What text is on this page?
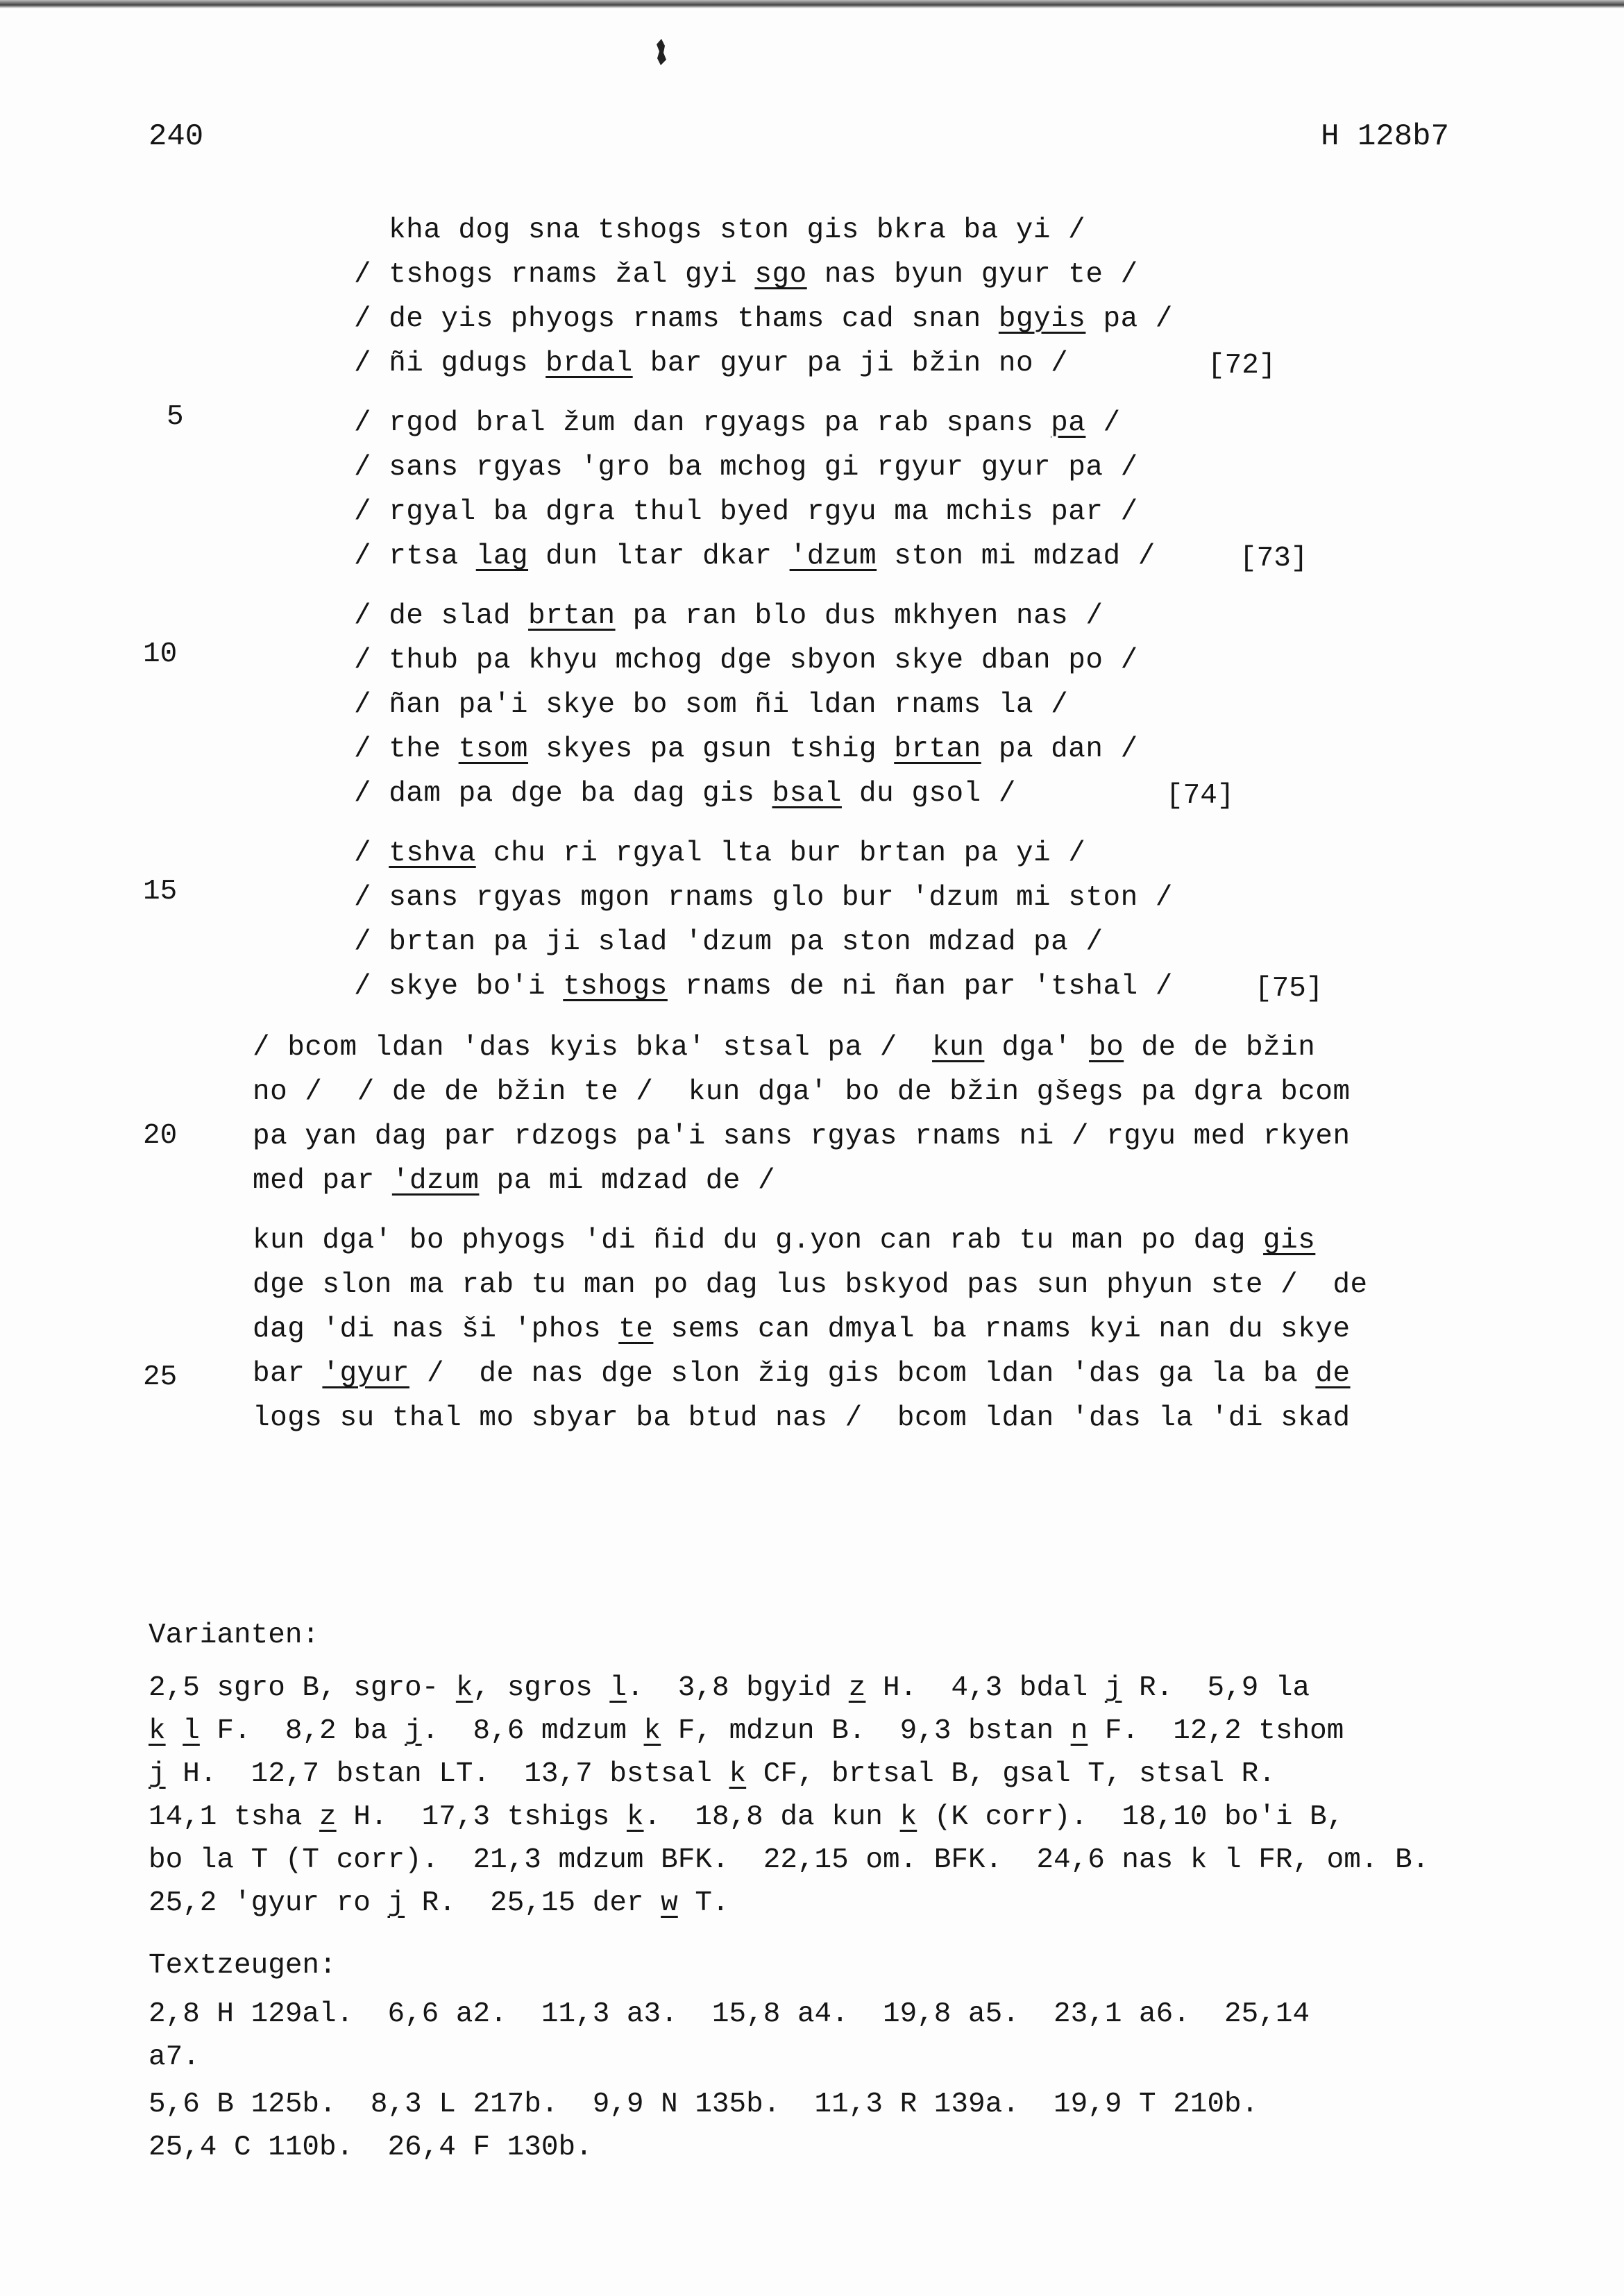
240	H 128b7
kha dog sna tshogs ston gis bkra ba yi /
/ tshogs rnams žal gyi sgo nas byun gyur te /
/ de yis phyogs rnams thams cad snan bgyis pa /
/ ñi gdugs brdal bar gyur pa ji bžin no /
/ rgod bral žum dan rgyags pa rab spans pa /
/ sans rgyas 'gro ba mchog gi rgyur gyur pa /
/ rgyal ba dgra thul byed rgyu ma mchis par /
/ rtsa lag dun ltar dkar 'dzum ston mi mdzad /
/ de slad brtan pa ran blo dus mkhyen nas /
/ thub pa khyu mchog dge sbyon skye dban po /
/ ñan pa'i skye bo som ñi ldan rnams la /
/ the tsom skyes pa gsun tshig brtan pa dan /
/ dam pa dge ba dag gis bsal du gsol /
/ tshva chu ri rgyal lta bur brtan pa yi /
/ sans rgyas mgon rnams glo bur 'dzum mi ston /
/ brtan pa ji slad 'dzum pa ston mdzad pa /
/ skye bo'i tshogs rnams de ni ñan par 'tshal /
[72]
[73]
[74]
[75]
5
10
15
20
25
/ bcom ldan 'das kyis bka' stsal pa /  kun dga' bo de de bžin
no /  / de de bžin te /  kun dga' bo de bžin gšegs pa dgra bcom
pa yan dag par rdzogs pa'i sans rgyas rnams ni / rgyu med rkyen
med par 'dzum pa mi mdzad de /
kun dga' bo phyogs 'di ñid du g.yon can rab tu man po dag gis
dge slon ma rab tu man po dag lus bskyod pas sun phyun ste /  de
dag 'di nas ši 'phos te sems can dmyal ba rnams kyi nan du skye
bar 'gyur /  de nas dge slon žig gis bcom ldan 'das ga la ba de
logs su thal mo sbyar ba btud nas /  bcom ldan 'das la 'di skad
Varianten:
2,5 sgro B, sgro- k, sgros l.  3,8 bgyid z H.  4,3 bdal j R.  5,9 la
k l F.  8,2 ba j.  8,6 mdzum k F, mdzun B.  9,3 bstan n F.  12,2 tshom
j H.  12,7 bstan LT.  13,7 bstsal k CF, brtsal B, gsal T, stsal R.
14,1 tsha z H.  17,3 tshigs k.  18,8 da kun k (K corr).  18,10 bo'i B,
bo la T (T corr).  21,3 mdzum BFK.  22,15 om. BFK.  24,6 nas k l FR, om. B.
25,2 'gyur ro j R.  25,15 der w T.
Textzeugen:
2,8 H 129al.  6,6 a2.  11,3 a3.  15,8 a4.  19,8 a5.  23,1 a6.  25,14
a7.
5,6 B 125b.  8,3 L 217b.  9,9 N 135b.  11,3 R 139a.  19,9 T 210b.
25,4 C 110b.  26,4 F 130b.
